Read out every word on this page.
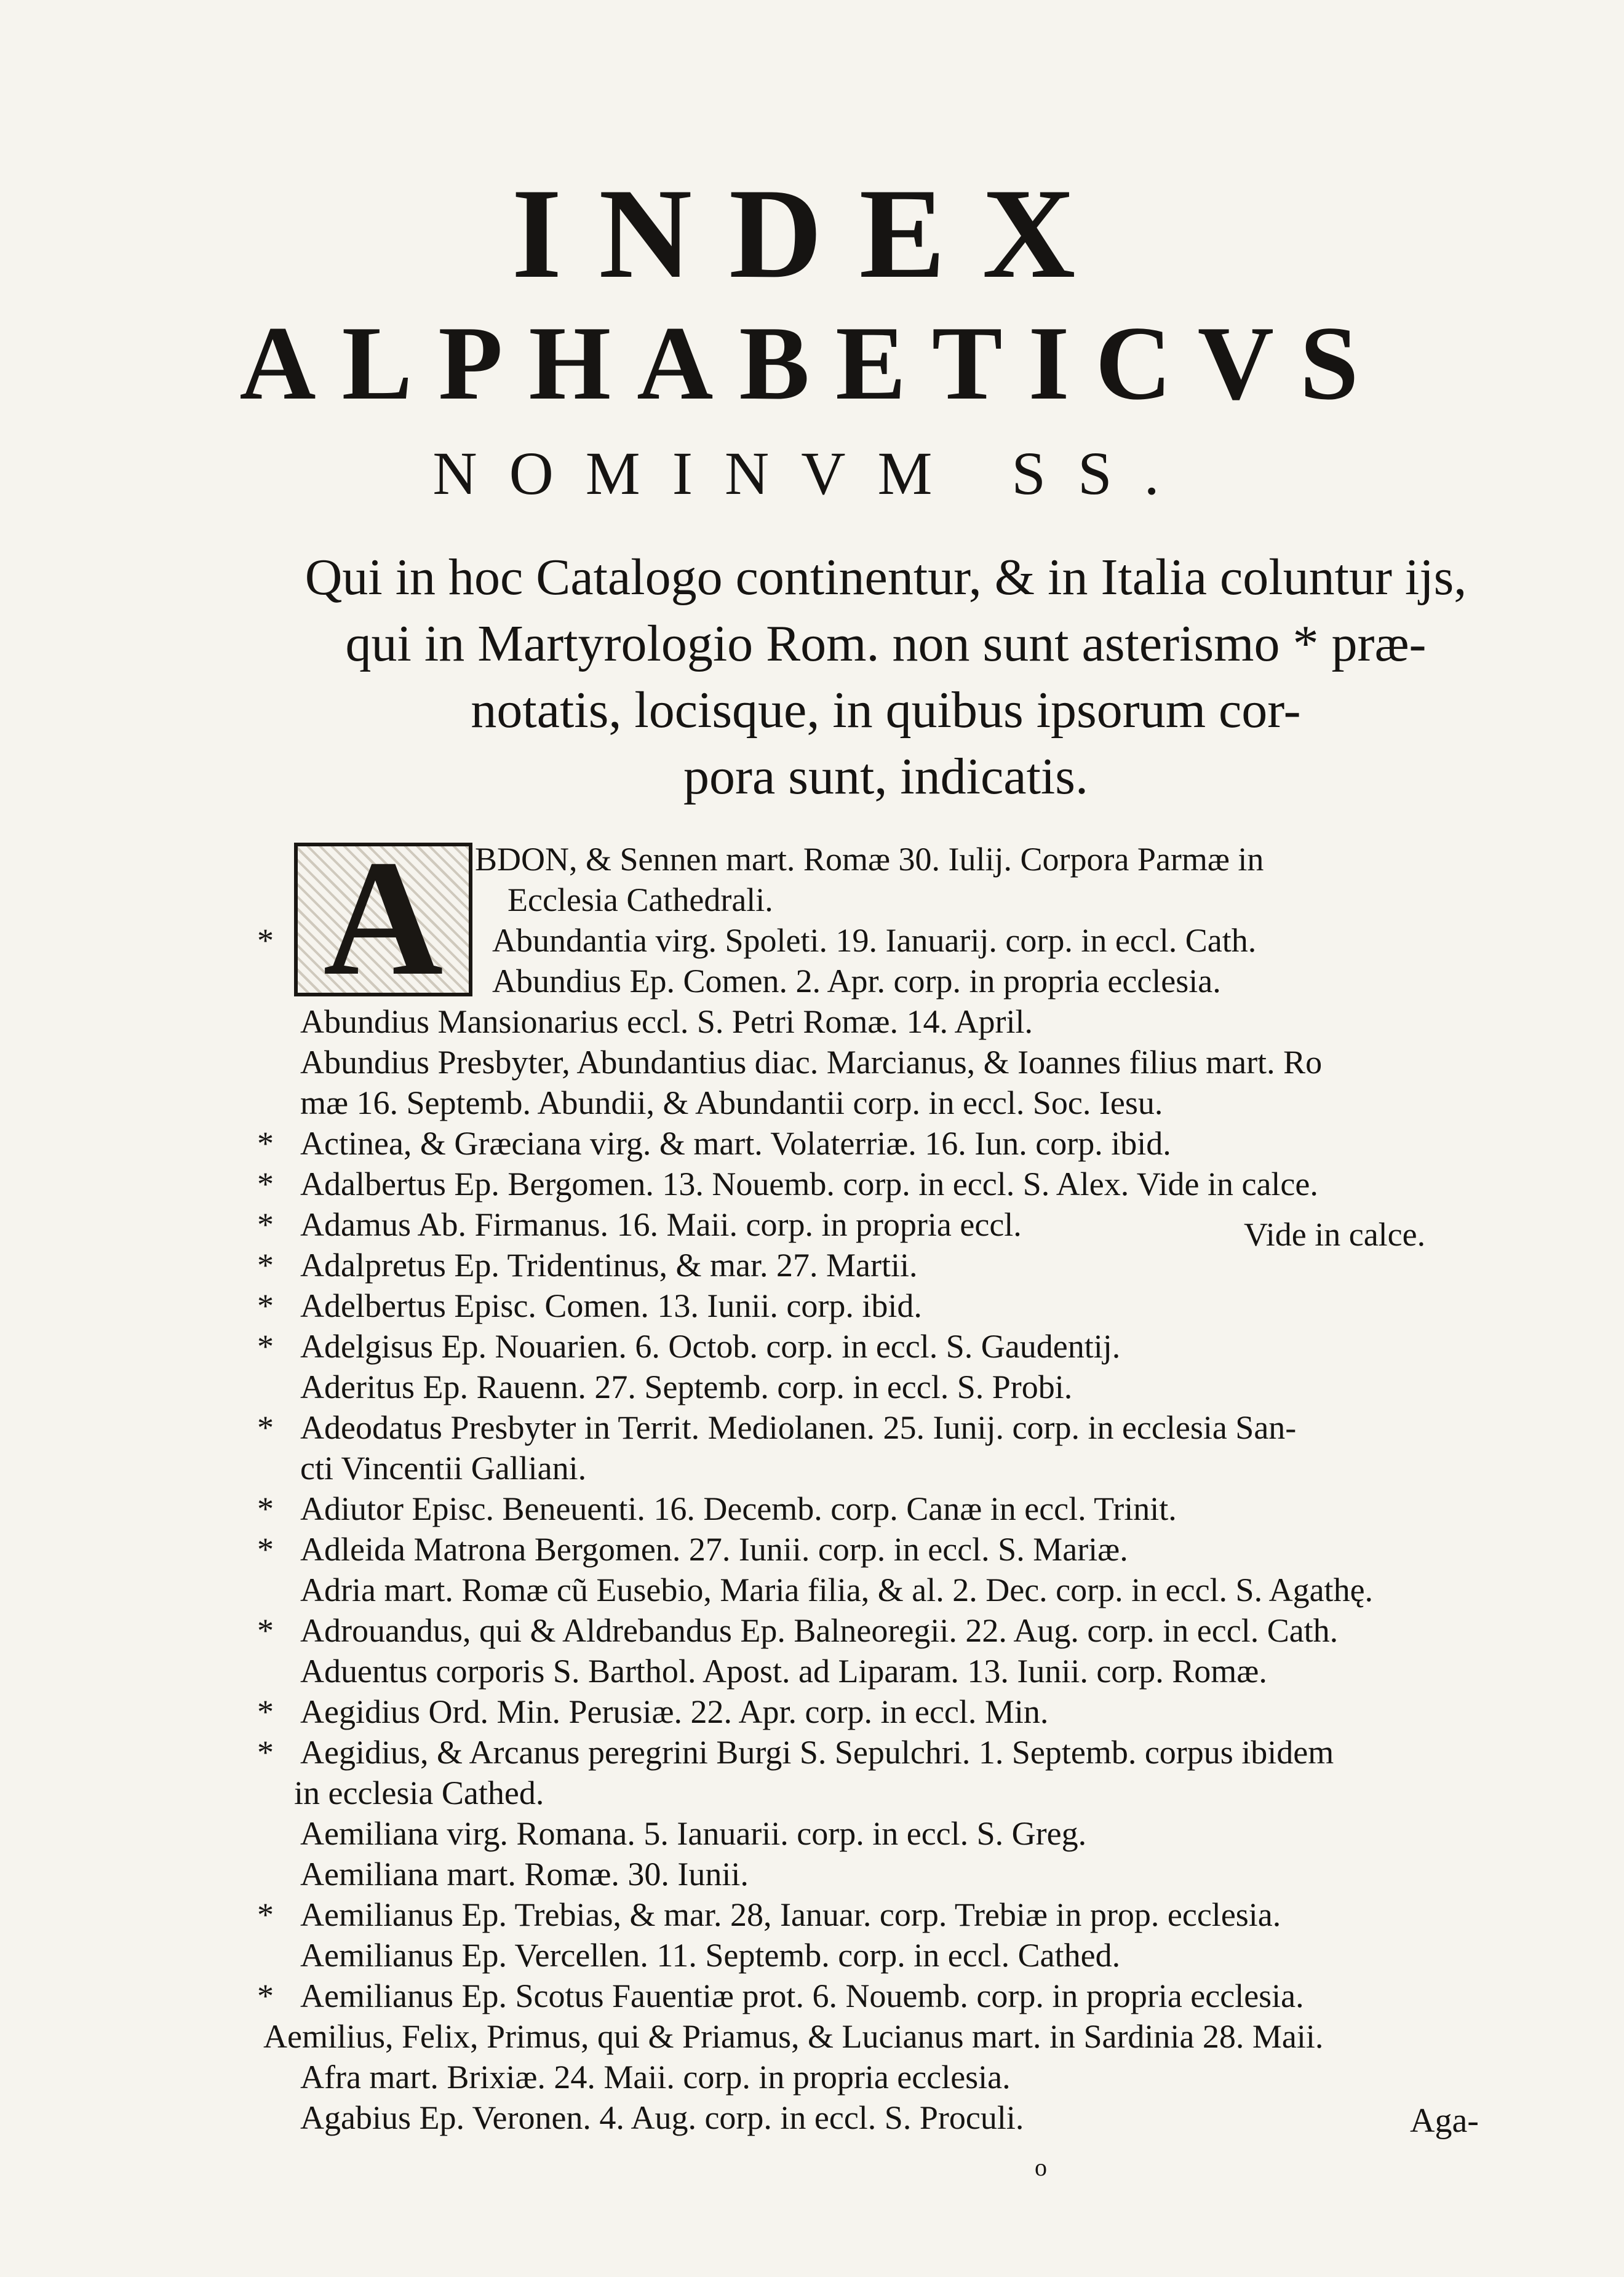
INDEX
ALPHABETICVS
NOMINVM SS.
Qui in hoc Catalogo continentur, & in Italia coluntur ijs,
qui in Martyrologio Rom. non sunt asterismo * præ-
notatis, locisque, in quibus ipsorum cor-
pora sunt, indicatis.
A BDON, & Sennen mart. Romæ 30. Iulij. Corpora Parmæ in
Ecclesia Cathedrali.
*	Abundantia virg. Spoleti. 19. Ianuarij. corp. in eccl. Cath.
Abundius Ep. Comen. 2. Apr. corp. in propria ecclesia.
Abundius Mansionarius eccl. S. Petri Romæ. 14. April.
Abundius Presbyter, Abundantius diac. Marcianus, & Ioannes filius mart. Ro
mæ 16. Septemb. Abundii, & Abundantii corp. in eccl. Soc. Iesu.
* Actinea, & Græciana virg. & mart. Volaterriæ. 16. Iun. corp. ibid.
* Adalbertus Ep. Bergomen. 13. Nouemb. corp. in eccl. S. Alex. Vide in calce.
* Adamus Ab. Firmanus. 16. Maii. corp. in propria eccl.
* Adalpretus Ep. Tridentinus, & mar. 27. Martii.
* Adelbertus Episc. Comen. 13. Iunii. corp. ibid.
* Adelgisus Ep. Nouarien. 6. Octob. corp. in eccl. S. Gaudentij.
Aderitus Ep. Rauenn. 27. Septemb. corp. in eccl. S. Probi.
* Adeodatus Presbyter in Territ. Mediolanen. 25. Iunij. corp. in ecclesia San-
cti Vincentii Galliani.
* Adiutor Episc. Beneuenti. 16. Decemb. corp. Canæ in eccl. Trinit.
* Adleida Matrona Bergomen. 27. Iunii. corp. in eccl. S. Mariæ.
Adria mart. Romæ cũ Eusebio, Maria filia, & al. 2. Dec. corp. in eccl. S. Agathę.
* Adrouandus, qui & Aldrebandus Ep. Balneoregii. 22. Aug. corp. in eccl. Cath.
Aduentus corporis S. Barthol. Apost. ad Liparam. 13. Iunii. corp. Romæ.
* Aegidius Ord. Min. Perusiæ. 22. Apr. corp. in eccl. Min.
* Aegidius, & Arcanus peregrini Burgi S. Sepulchri. 1. Septemb. corpus ibidem
in ecclesia Cathed.
Aemiliana virg. Romana. 5. Ianuarii. corp. in eccl. S. Greg.
Aemiliana mart. Romæ. 30. Iunii.
* Aemilianus Ep. Trebias, & mar. 28, Ianuar. corp. Trebiæ in prop. ecclesia.
Aemilianus Ep. Vercellen. 11. Septemb. corp. in eccl. Cathed.
* Aemilianus Ep. Scotus Fauentiæ prot. 6. Nouemb. corp. in propria ecclesia.
Aemilius, Felix, Primus, qui & Priamus, & Lucianus mart. in Sardinia 28. Maii.
Afra mart. Brixiæ. 24. Maii. corp. in propria ecclesia.
Agabius Ep. Veronen. 4. Aug. corp. in eccl. S. Proculi.
Vide in calce.
Aga-
o
